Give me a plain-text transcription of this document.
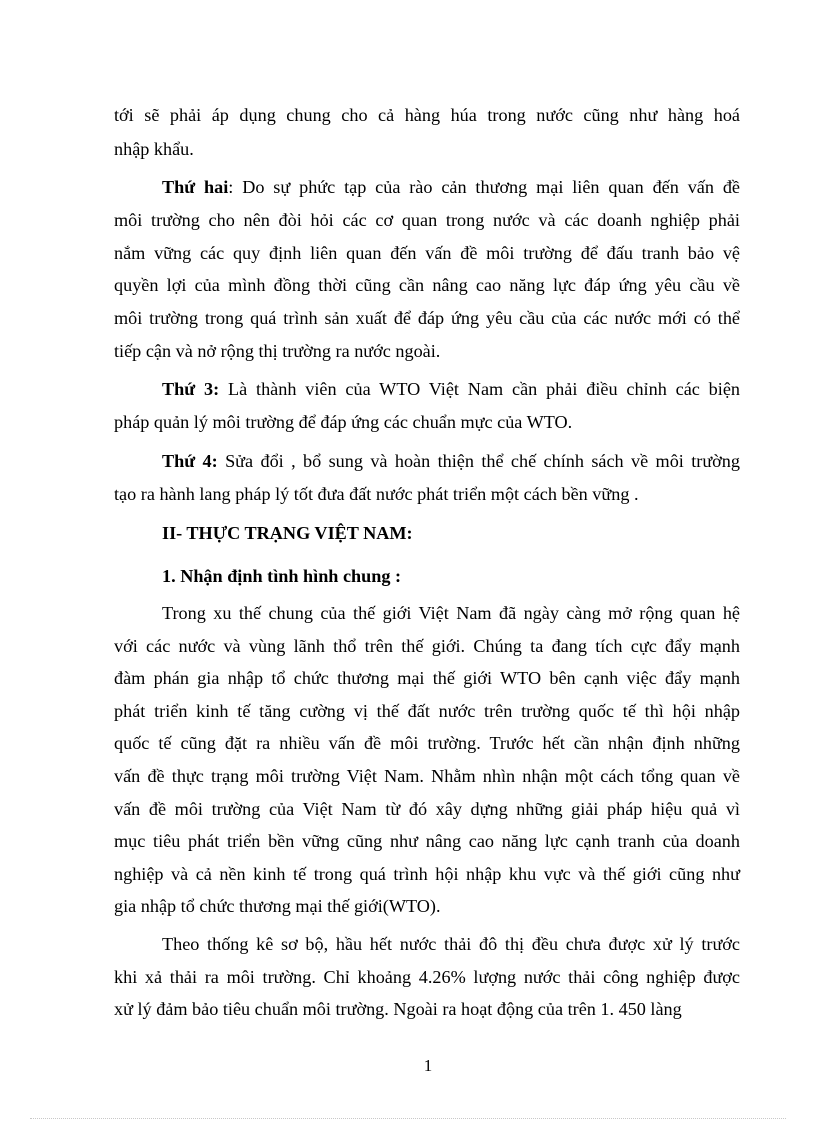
tới sẽ phải áp dụng chung cho cả hàng húa trong nước cũng như hàng hoá
nhập khẩu.
Thứ hai: Do sự phức tạp của rào cản thương mại liên quan đến vấn đề
môi trường cho nên đòi hỏi các cơ quan trong nước và các doanh nghiệp phải
nắm vững các quy định liên quan đến vấn đề môi trường để đấu tranh bảo vệ
quyền lợi của mình đồng thời cũng cần nâng cao năng lực đáp ứng yêu cầu về
môi trường trong quá trình sản xuất để đáp ứng yêu cầu của các nước mới có thể
tiếp cận và nở rộng thị trường ra nước ngoài.
Thứ 3: Là thành viên của WTO Việt Nam cần phải điều chỉnh các biện
pháp quản lý môi trường để đáp ứng các chuẩn mực của WTO.
Thứ 4: Sửa đổi , bổ sung và hoàn thiện thể chế chính sách về môi trường
tạo ra hành lang pháp lý tốt đưa đất nước phát triển một cách bền vững .
II- THỰC TRẠNG VIỆT NAM:
1. Nhận định tình hình chung :
Trong xu thế chung của thế giới Việt Nam đã ngày càng mở rộng quan hệ
với các nước và vùng lãnh thổ trên thế giới. Chúng ta đang tích cực đẩy mạnh
đàm phán gia nhập tổ chức thương mại thế giới WTO bên cạnh việc đẩy mạnh
phát triển kinh tế tăng cường vị thế đất nước trên trường quốc tế thì hội nhập
quốc tế cũng đặt ra nhiều vấn đề môi trường. Trước hết cần nhận định những
vấn đề thực trạng môi trường Việt Nam. Nhằm nhìn nhận một cách tổng quan về
vấn đề môi trường của Việt Nam từ đó xây dựng những giải pháp hiệu quả vì
mục tiêu phát triển bền vững cũng như nâng cao năng lực cạnh tranh của doanh
nghiệp và cả nền kinh tế trong quá trình hội nhập khu vực và thế giới cũng như
gia nhập tổ chức thương mại thế giới(WTO).
Theo thống kê sơ bộ, hầu hết nước thải đô thị đều chưa được xử lý trước
khi xả thải ra môi trường. Chỉ khoảng 4.26% lượng nước thải công nghiệp được
xử lý đảm bảo tiêu chuẩn môi trường. Ngoài ra hoạt động của trên 1. 450 làng
1
